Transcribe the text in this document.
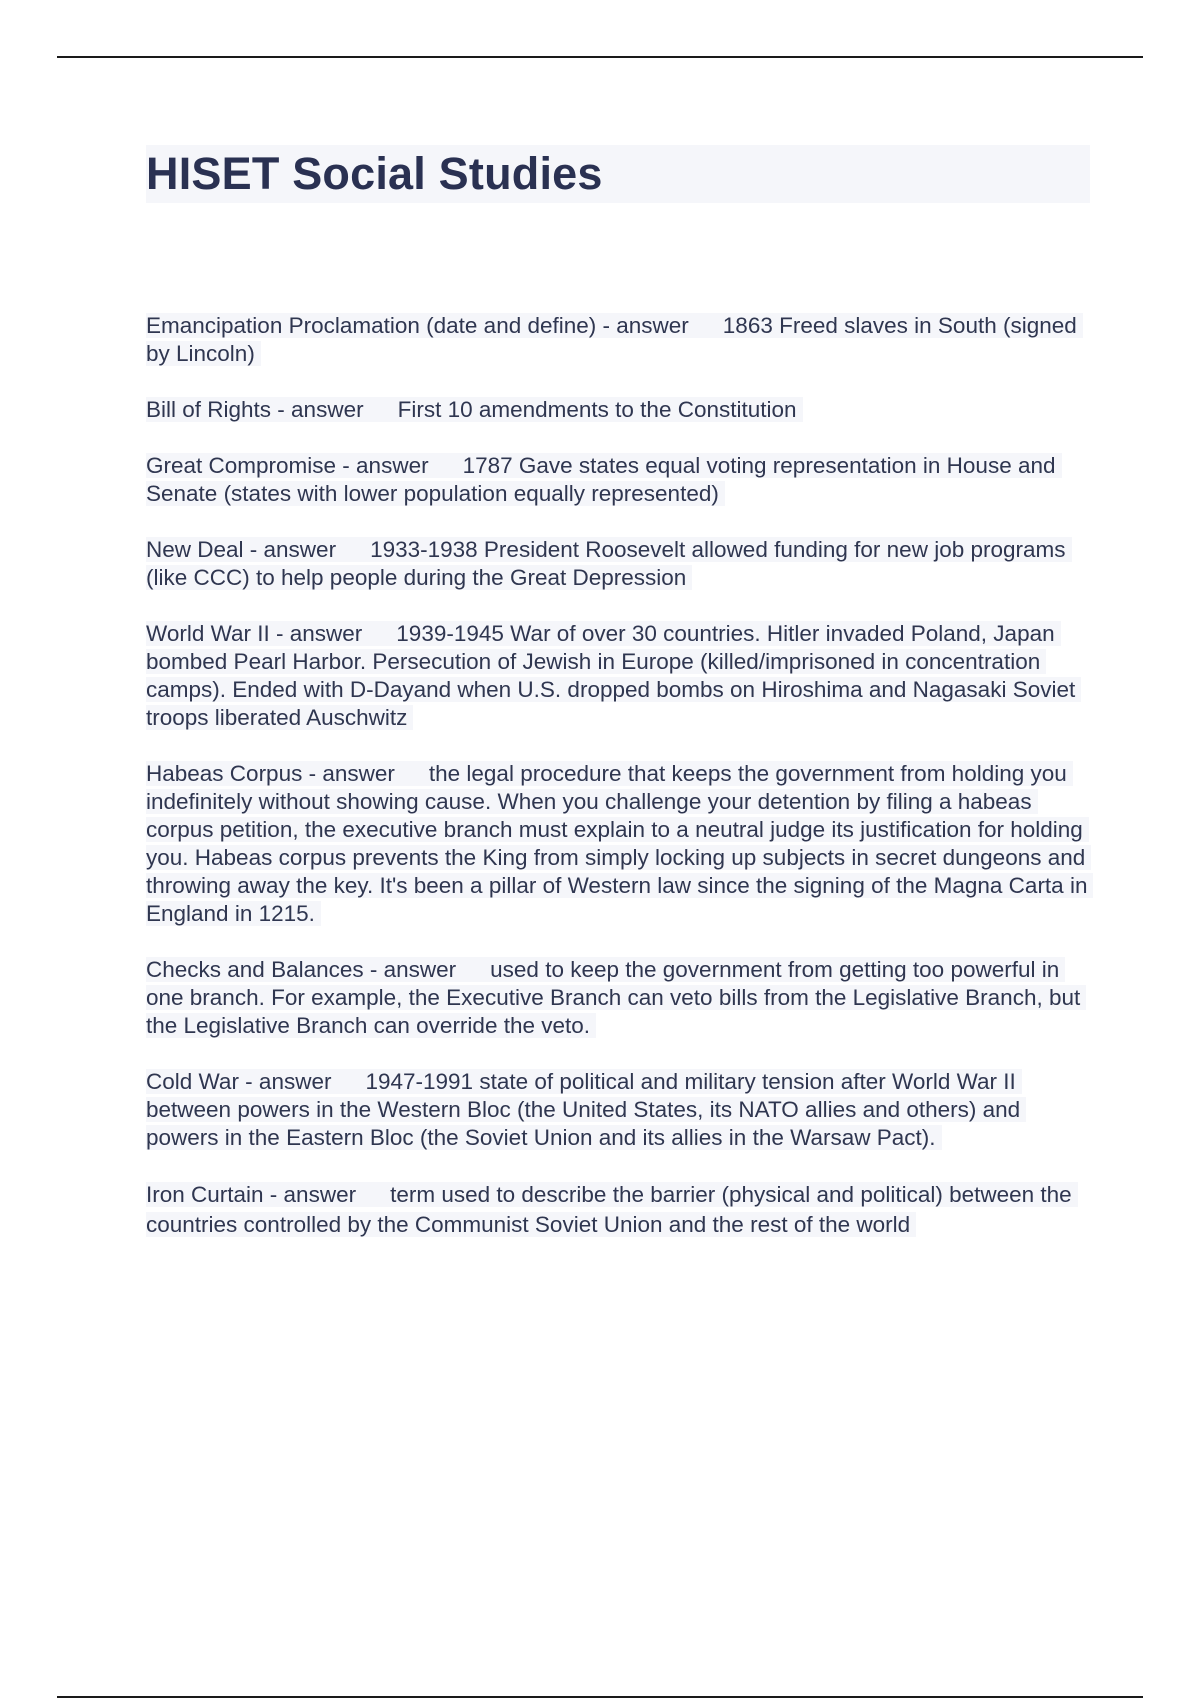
HISET Social Studies
Emancipation Proclamation (date and define) - answer 1863 Freed slaves in South (signed by Lincoln)
Bill of Rights - answer First 10 amendments to the Constitution
Great Compromise - answer 1787 Gave states equal voting representation in House and Senate (states with lower population equally represented)
New Deal - answer 1933-1938 President Roosevelt allowed funding for new job programs (like CCC) to help people during the Great Depression
World War II - answer 1939-1945 War of over 30 countries. Hitler invaded Poland, Japan bombed Pearl Harbor. Persecution of Jewish in Europe (killed/imprisoned in concentration camps). Ended with D-Dayand when U.S. dropped bombs on Hiroshima and Nagasaki Soviet troops liberated Auschwitz
Habeas Corpus - answer the legal procedure that keeps the government from holding you indefinitely without showing cause. When you challenge your detention by filing a habeas corpus petition, the executive branch must explain to a neutral judge its justification for holding you. Habeas corpus prevents the King from simply locking up subjects in secret dungeons and throwing away the key. It's been a pillar of Western law since the signing of the Magna Carta in England in 1215.
Checks and Balances - answer used to keep the government from getting too powerful in one branch. For example, the Executive Branch can veto bills from the Legislative Branch, but the Legislative Branch can override the veto.
Cold War - answer 1947-1991 state of political and military tension after World War II between powers in the Western Bloc (the United States, its NATO allies and others) and powers in the Eastern Bloc (the Soviet Union and its allies in the Warsaw Pact).
Iron Curtain - answer term used to describe the barrier (physical and political) between the countries controlled by the Communist Soviet Union and the rest of the world
